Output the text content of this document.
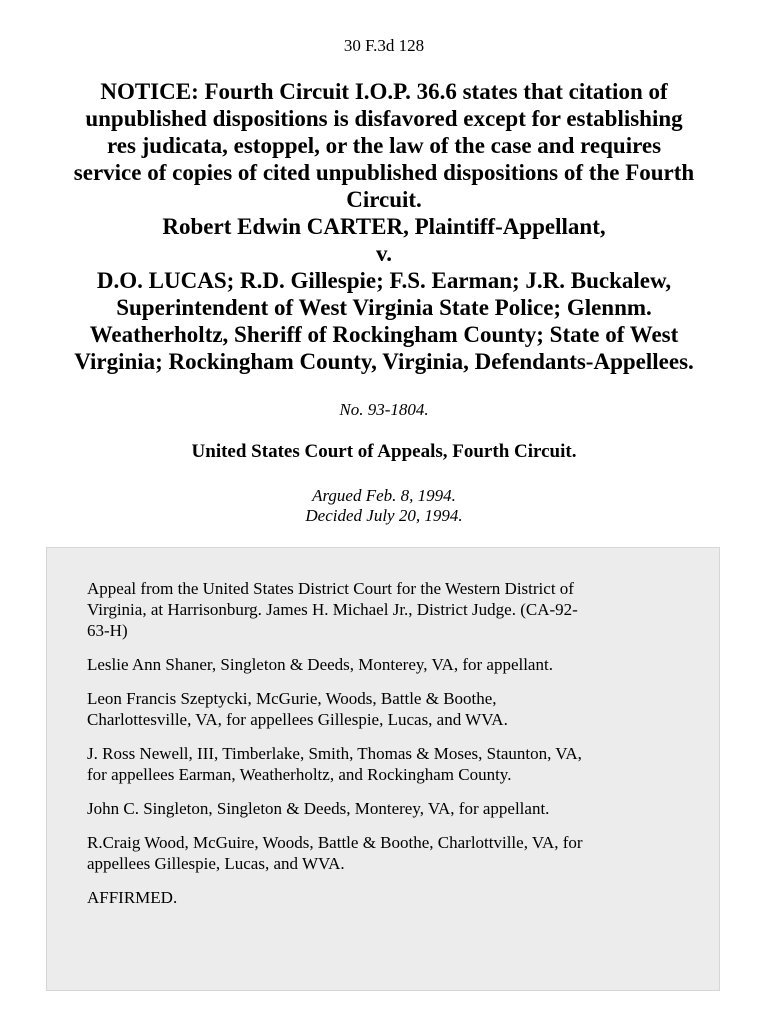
30 F.3d 128
NOTICE: Fourth Circuit I.O.P. 36.6 states that citation of
unpublished dispositions is disfavored except for establishing
res judicata, estoppel, or the law of the case and requires
service of copies of cited unpublished dispositions of the Fourth
Circuit.
Robert Edwin CARTER, Plaintiff-Appellant,
v.
D.O. LUCAS; R.D. Gillespie; F.S. Earman; J.R. Buckalew,
Superintendent of West Virginia State Police; Glennm.
Weatherholtz, Sheriff of Rockingham County; State of West
Virginia; Rockingham County, Virginia, Defendants-Appellees.
No. 93-1804.
United States Court of Appeals, Fourth Circuit.
Argued Feb. 8, 1994.
Decided July 20, 1994.

Appeal from the United States District Court for the Western District of
Virginia, at Harrisonburg. James H. Michael Jr., District Judge. (CA-92-
63-H)

Leslie Ann Shaner, Singleton & Deeds, Monterey, VA, for appellant.

Leon Francis Szeptycki, McGurie, Woods, Battle & Boothe,
Charlottesville, VA, for appellees Gillespie, Lucas, and WVA.

J. Ross Newell, III, Timberlake, Smith, Thomas & Moses, Staunton, VA,
for appellees Earman, Weatherholtz, and Rockingham County.

John C. Singleton, Singleton & Deeds, Monterey, VA, for appellant.

R.Craig Wood, McGuire, Woods, Battle & Boothe, Charlottville, VA, for
appellees Gillespie, Lucas, and WVA.

AFFIRMED.
